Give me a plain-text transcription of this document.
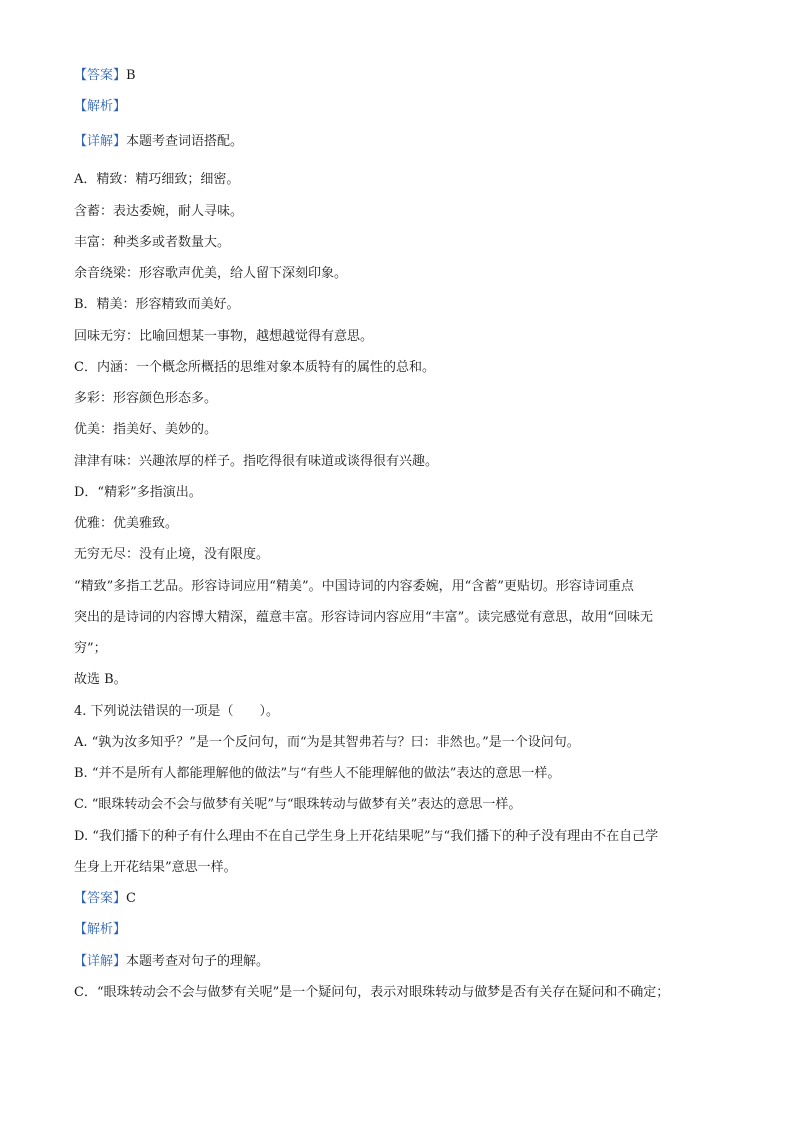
【答案】B
【解析】
【详解】本题考查词语搭配。
A．精致：精巧细致；细密。
含蓄：表达委婉，耐人寻味。
丰富：种类多或者数量大。
余音绕梁：形容歌声优美，给人留下深刻印象。
B．精美：形容精致而美好。
回味无穷：比喻回想某一事物，越想越觉得有意思。
C．内涵：一个概念所概括的思维对象本质特有的属性的总和。
多彩：形容颜色形态多。
优美：指美好、美妙的。
津津有味：兴趣浓厚的样子。指吃得很有味道或谈得很有兴趣。
D．“精彩”多指演出。
优雅：优美雅致。
无穷无尽：没有止境，没有限度。
“精致”多指工艺品。形容诗词应用“精美”。中国诗词的内容委婉，用“含蓄”更贴切。形容诗词重点
突出的是诗词的内容博大精深，蕴意丰富。形容诗词内容应用“丰富”。读完感觉有意思，故用“回味无
穷”；
故选 B。
4. 下列说法错误的一项是（　　）。
A. “孰为汝多知乎？”是一个反问句，而“为是其智弗若与？曰：非然也。”是一个设问句。
B. “并不是所有人都能理解他的做法”与“有些人不能理解他的做法”表达的意思一样。
C. “眼珠转动会不会与做梦有关呢”与“眼珠转动与做梦有关”表达的意思一样。
D. “我们播下的种子有什么理由不在自己学生身上开花结果呢”与“我们播下的种子没有理由不在自己学
生身上开花结果”意思一样。
【答案】C
【解析】
【详解】本题考查对句子的理解。
C．“眼珠转动会不会与做梦有关呢”是一个疑问句，表示对眼珠转动与做梦是否有关存在疑问和不确定；
